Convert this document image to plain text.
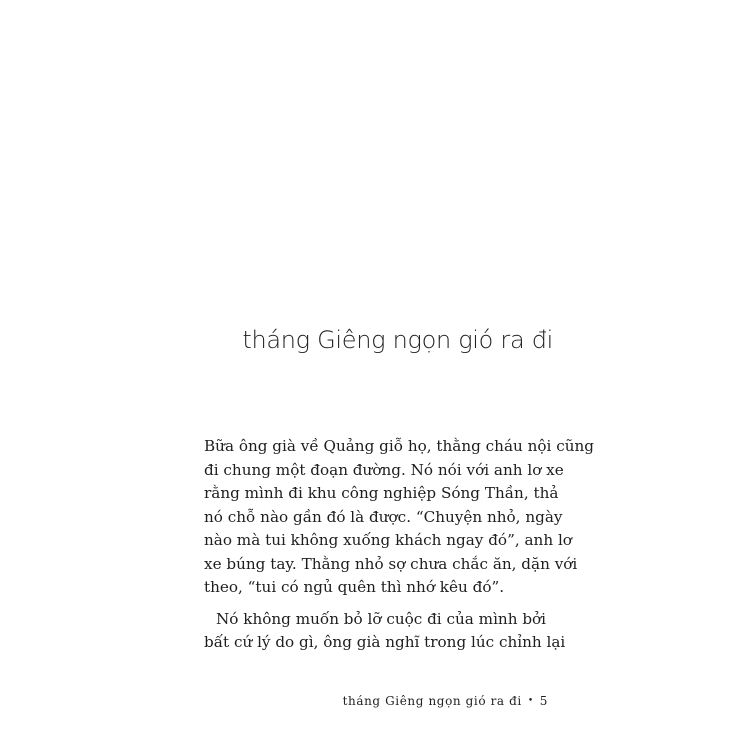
tháng Giêng ngọn gió ra đi

Bữa ông già về Quảng giỗ họ, thằng cháu nội cũng
đi chung một đoạn đường. Nó nói với anh lơ xe
rằng mình đi khu công nghiệp Sóng Thần, thả
nó chỗ nào gần đó là được. “Chuyện nhỏ, ngày
nào mà tui không xuống khách ngay đó”, anh lơ
xe búng tay. Thằng nhỏ sợ chưa chắc ăn, dặn với
theo, “tui có ngủ quên thì nhớ kêu đó”.

Nó không muốn bỏ lỡ cuộc đi của mình bởi
bất cứ lý do gì, ông già nghĩ trong lúc chỉnh lại

tháng Giêng ngọn gió ra đi • 5
